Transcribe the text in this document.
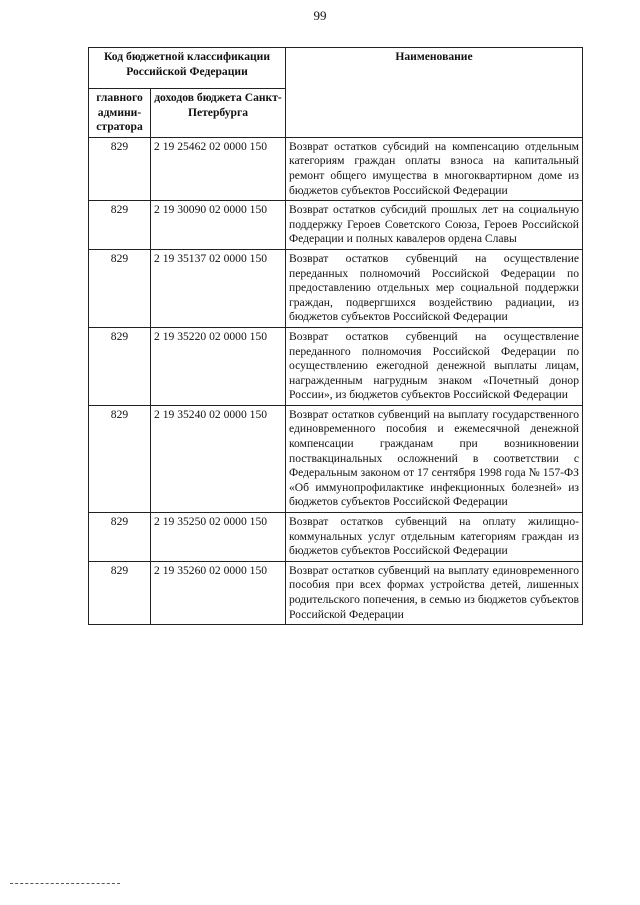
99
Код бюджетной классификации Российской Федерации		Наименование
главного админи-стратора	доходов бюджета Санкт-Петербурга	
829	2 19 25462 02 0000 150	Возврат остатков субсидий на компенсацию отдельным категориям граждан оплаты взноса на капитальный ремонт общего имущества в многоквартирном доме из бюджетов субъектов Российской Федерации
829	2 19 30090 02 0000 150	Возврат остатков субсидий прошлых лет на социальную поддержку Героев Советского Союза, Героев Российской Федерации и полных кавалеров ордена Славы
829	2 19 35137 02 0000 150	Возврат остатков субвенций на осуществление переданных полномочий Российской Федерации по предоставлению отдельных мер социальной поддержки граждан, подвергшихся воздействию радиации, из бюджетов субъектов Российской Федерации
829	2 19 35220 02 0000 150	Возврат остатков субвенций на осуществление переданного полномочия Российской Федерации по осуществлению ежегодной денежной выплаты лицам, награжденным нагрудным знаком «Почетный донор России», из бюджетов субъектов Российской Федерации
829	2 19 35240 02 0000 150	Возврат остатков субвенций на выплату государственного единовременного пособия и ежемесячной денежной компенсации гражданам при возникновении поствакцинальных осложнений в соответствии с Федеральным законом от 17 сентября 1998 года № 157-ФЗ «Об иммунопрофилактике инфекционных болезней» из бюджетов субъектов Российской Федерации
829	2 19 35250 02 0000 150	Возврат остатков субвенций на оплату жилищно-коммунальных услуг отдельным категориям граждан из бюджетов субъектов Российской Федерации
829	2 19 35260 02 0000 150	Возврат остатков субвенций на выплату единовременного пособия при всех формах устройства детей, лишенных родительского попечения, в семью из бюджетов субъектов Российской Федерации
